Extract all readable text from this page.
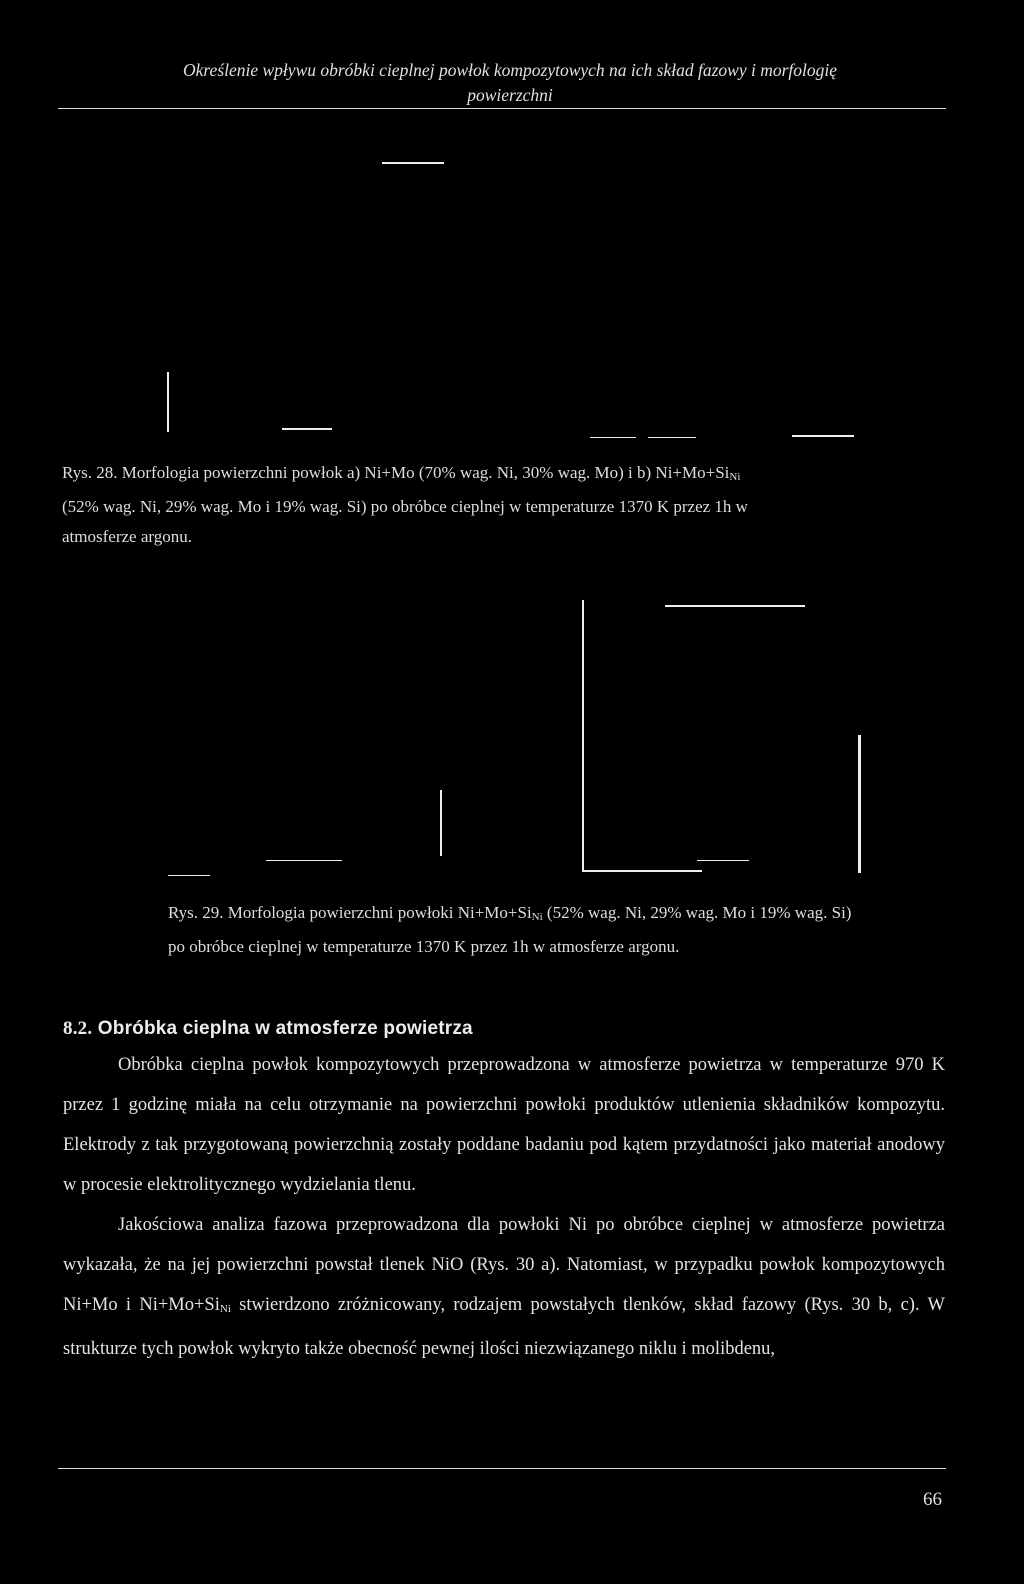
Określenie wpływu obróbki cieplnej powłok kompozytowych na ich skład fazowy i morfologię
powierzchni
Rys. 28. Morfologia powierzchni powłok a) Ni+Mo (70% wag. Ni, 30% wag. Mo) i b) $Ni+Mo+Si_{Ni}$
(52% wag. Ni, 29% wag. Mo i 19% wag. Si) po obróbce cieplnej w temperaturze 1370 K przez 1h w
atmosferze argonu.
Rys. 29. Morfologia powierzchni powłoki $Ni+Mo+Si_{Ni}$ (52% wag. Ni, 29% wag. Mo i 19% wag. Si)
po obróbce cieplnej w temperaturze 1370 K przez 1h w atmosferze argonu.
8.2. Obróbka cieplna w atmosferze powietrza

Obróbka cieplna powłok kompozytowych przeprowadzona w atmosferze powietrza w temperaturze 970 K przez 1 godzinę miała na celu otrzymanie na powierzchni powłoki produktów utlenienia składników kompozytu. Elektrody z tak przygotowaną powierzchnią zostały poddane badaniu pod kątem przydatności jako materiał anodowy w procesie elektrolitycznego wydzielania tlenu.

Jakościowa analiza fazowa przeprowadzona dla powłoki Ni po obróbce cieplnej w atmosferze powietrza wykazała, że na jej powierzchni powstał tlenek NiO (Rys. 30 a). Natomiast, w przypadku powłok kompozytowych Ni+Mo i $Ni+Mo+Si_{Ni}$ stwierdzono zróżnicowany, rodzajem powstałych tlenków, skład fazowy (Rys. 30 b, c). W strukturze tych powłok wykryto także obecność pewnej ilości niezwiązanego niklu i molibdenu,

66
